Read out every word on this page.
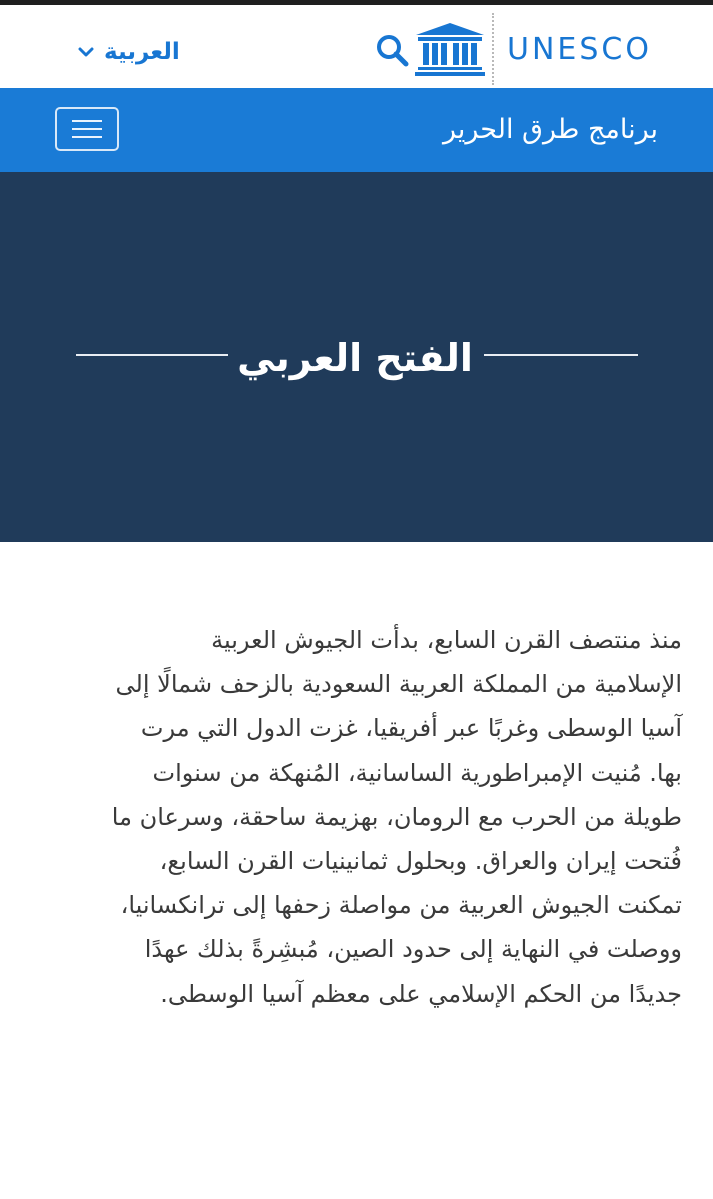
العربية	UNESCO
برنامج طرق الحرير
الفتح العربي
منذ منتصف القرن السابع، بدأت الجيوش العربية
الإسلامية من المملكة العربية السعودية بالزحف شمالًا إلى
آسيا الوسطى وغربًا عبر أفريقيا، غزت الدول التي مرت
بها. مُنيت الإمبراطورية الساسانية، المُنهكة من سنوات
طويلة من الحرب مع الرومان، بهزيمة ساحقة، وسرعان ما
فُتحت إيران والعراق. وبحلول ثمانينيات القرن السابع،
تمكنت الجيوش العربية من مواصلة زحفها إلى ترانكسانيا،
ووصلت في النهاية إلى حدود الصين، مُبشِرةً بذلك عهدًا
جديدًا من الحكم الإسلامي على معظم آسيا الوسطى.
